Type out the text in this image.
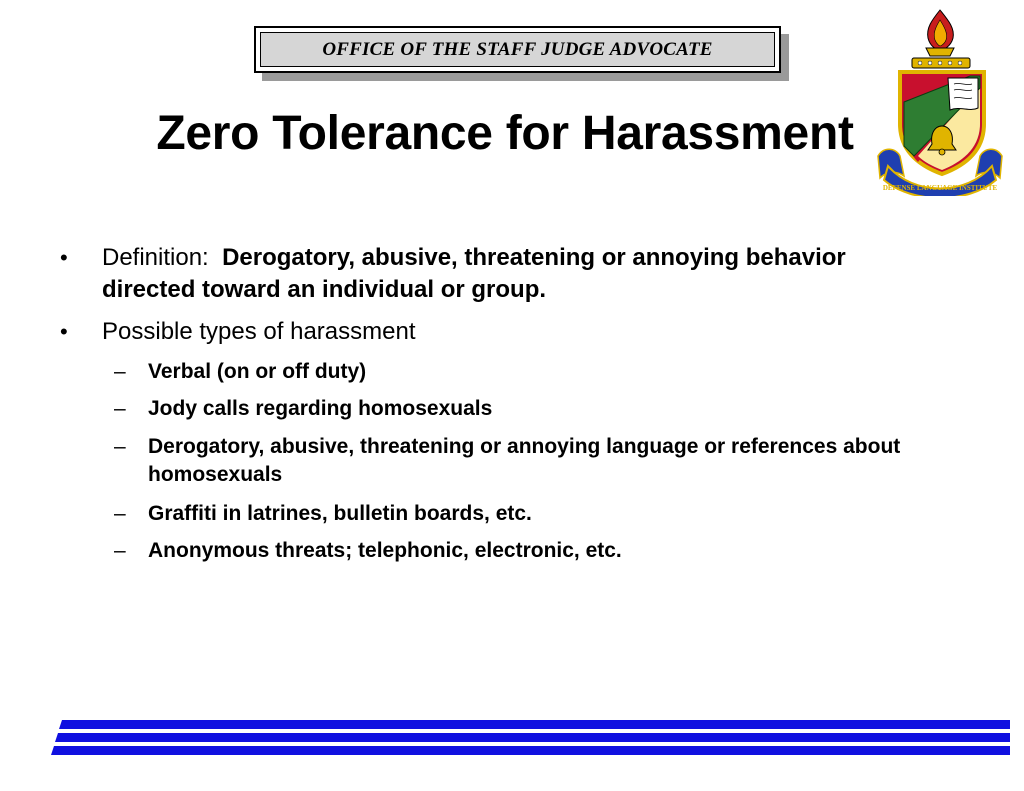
OFFICE OF THE STAFF JUDGE ADVOCATE
Zero Tolerance for Harassment
DEFENSE LANGUAGE INSTITUTE
• Definition: Derogatory, abusive, threatening or annoying behavior directed toward an individual or group.
• Possible types of harassment
– Verbal (on or off duty)
– Jody calls regarding homosexuals
– Derogatory, abusive, threatening or annoying language or references about homosexuals
– Graffiti in latrines, bulletin boards, etc.
– Anonymous threats; telephonic, electronic, etc.
